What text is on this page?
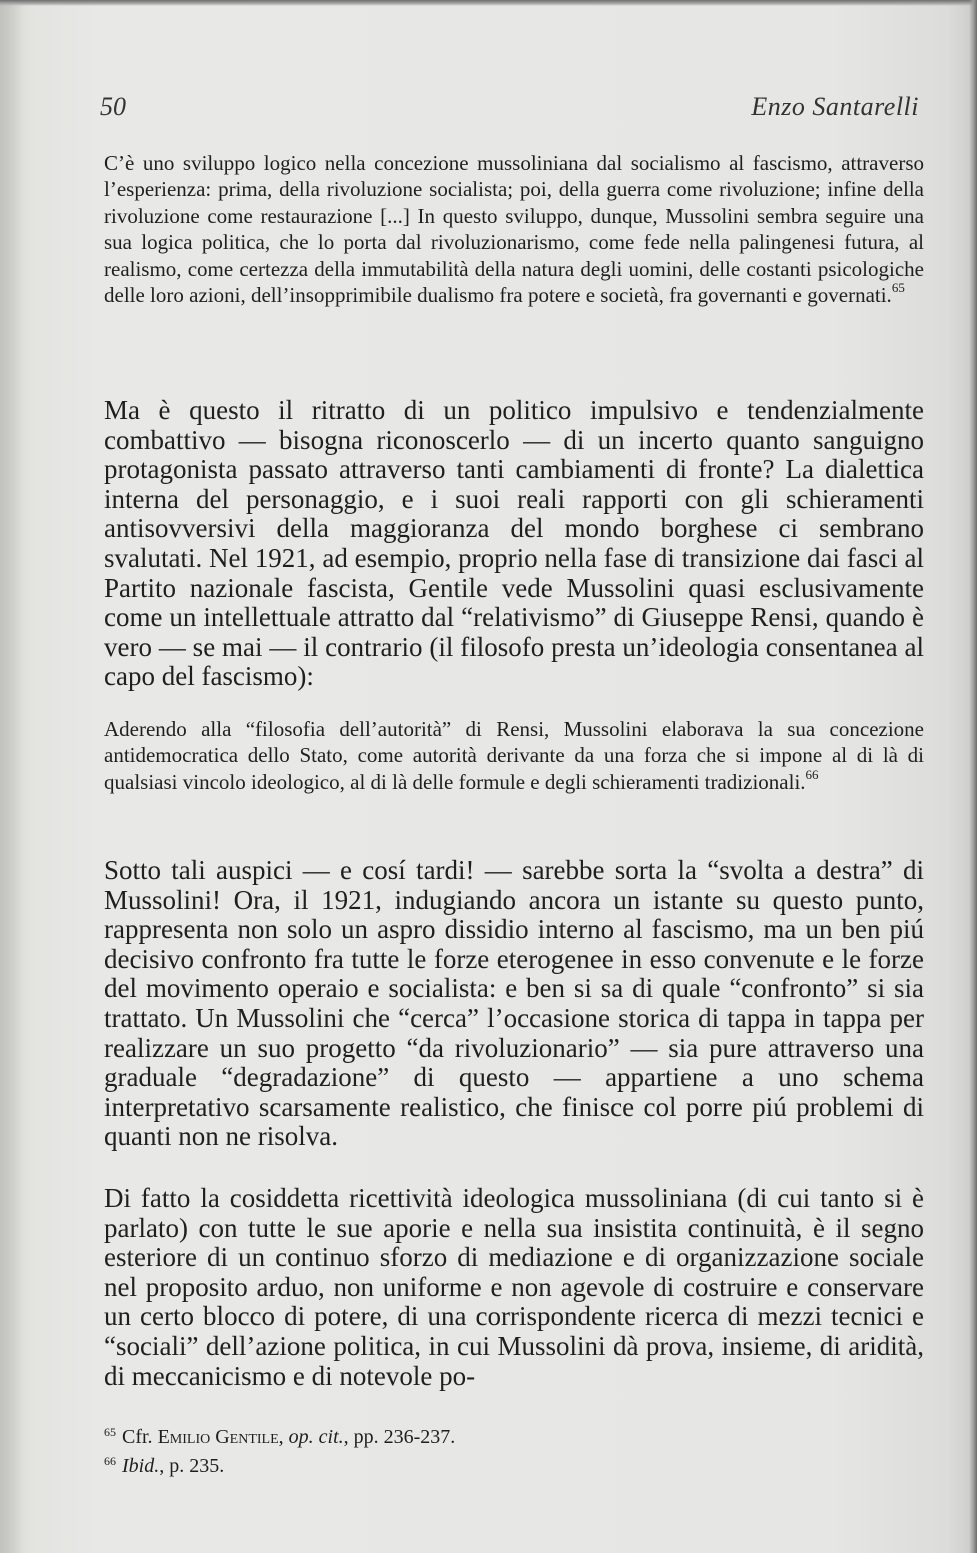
50	Enzo Santarelli

C’è uno sviluppo logico nella concezione mussoliniana dal socialismo al fascismo, attraverso l’esperienza: prima, della rivoluzione socialista; poi, della guerra come rivoluzione; infine della rivoluzione come restaurazione [...] In questo sviluppo, dunque, Mussolini sembra seguire una sua logica politica, che lo porta dal rivoluzionarismo, come fede nella palingenesi futura, al realismo, come certezza della immutabilità della natura degli uomini, delle costanti psicologiche delle loro azioni, dell’insopprimibile dualismo fra potere e società, fra governanti e governati.$^{65}$

Ma è questo il ritratto di un politico impulsivo e tendenzialmente combattivo — bisogna riconoscerlo — di un incerto quanto sanguigno protagonista passato attraverso tanti cambiamenti di fronte? La dialettica interna del personaggio, e i suoi reali rapporti con gli schieramenti antisovversivi della maggioranza del mondo borghese ci sembrano svalutati. Nel 1921, ad esempio, proprio nella fase di transizione dai fasci al Partito nazionale fascista, Gentile vede Mussolini quasi esclusivamente come un intellettuale attratto dal “relativismo” di Giuseppe Rensi, quando è vero — se mai — il contrario (il filosofo presta un’ideologia consentanea al capo del fascismo):

Aderendo alla “filosofia dell’autorità” di Rensi, Mussolini elaborava la sua concezione antidemocratica dello Stato, come autorità derivante da una forza che si impone al di là di qualsiasi vincolo ideologico, al di là delle formule e degli schieramenti tradizionali.$^{66}$

Sotto tali auspici — e cosí tardi! — sarebbe sorta la “svolta a destra” di Mussolini! Ora, il 1921, indugiando ancora un istante su questo punto, rappresenta non solo un aspro dissidio interno al fascismo, ma un ben piú decisivo confronto fra tutte le forze eterogenee in esso convenute e le forze del movimento operaio e socialista: e ben si sa di quale “confronto” si sia trattato. Un Mussolini che “cerca” l’occasione storica di tappa in tappa per realizzare un suo progetto “da rivoluzionario” — sia pure attraverso una graduale “degradazione” di questo — appartiene a uno schema interpretativo scarsamente realistico, che finisce col porre piú problemi di quanti non ne risolva.

Di fatto la cosiddetta ricettività ideologica mussoliniana (di cui tanto si è parlato) con tutte le sue aporie e nella sua insistita continuità, è il segno esteriore di un continuo sforzo di mediazione e di organizzazione sociale nel proposito arduo, non uniforme e non agevole di costruire e conservare un certo blocco di potere, di una corrispondente ricerca di mezzi tecnici e “sociali” dell’azione politica, in cui Mussolini dà prova, insieme, di aridità, di meccanicismo e di notevole po-

$^{65}$ Cfr. Emilio Gentile, op. cit., pp. 236-237.

$^{66}$ Ibid., p. 235.
